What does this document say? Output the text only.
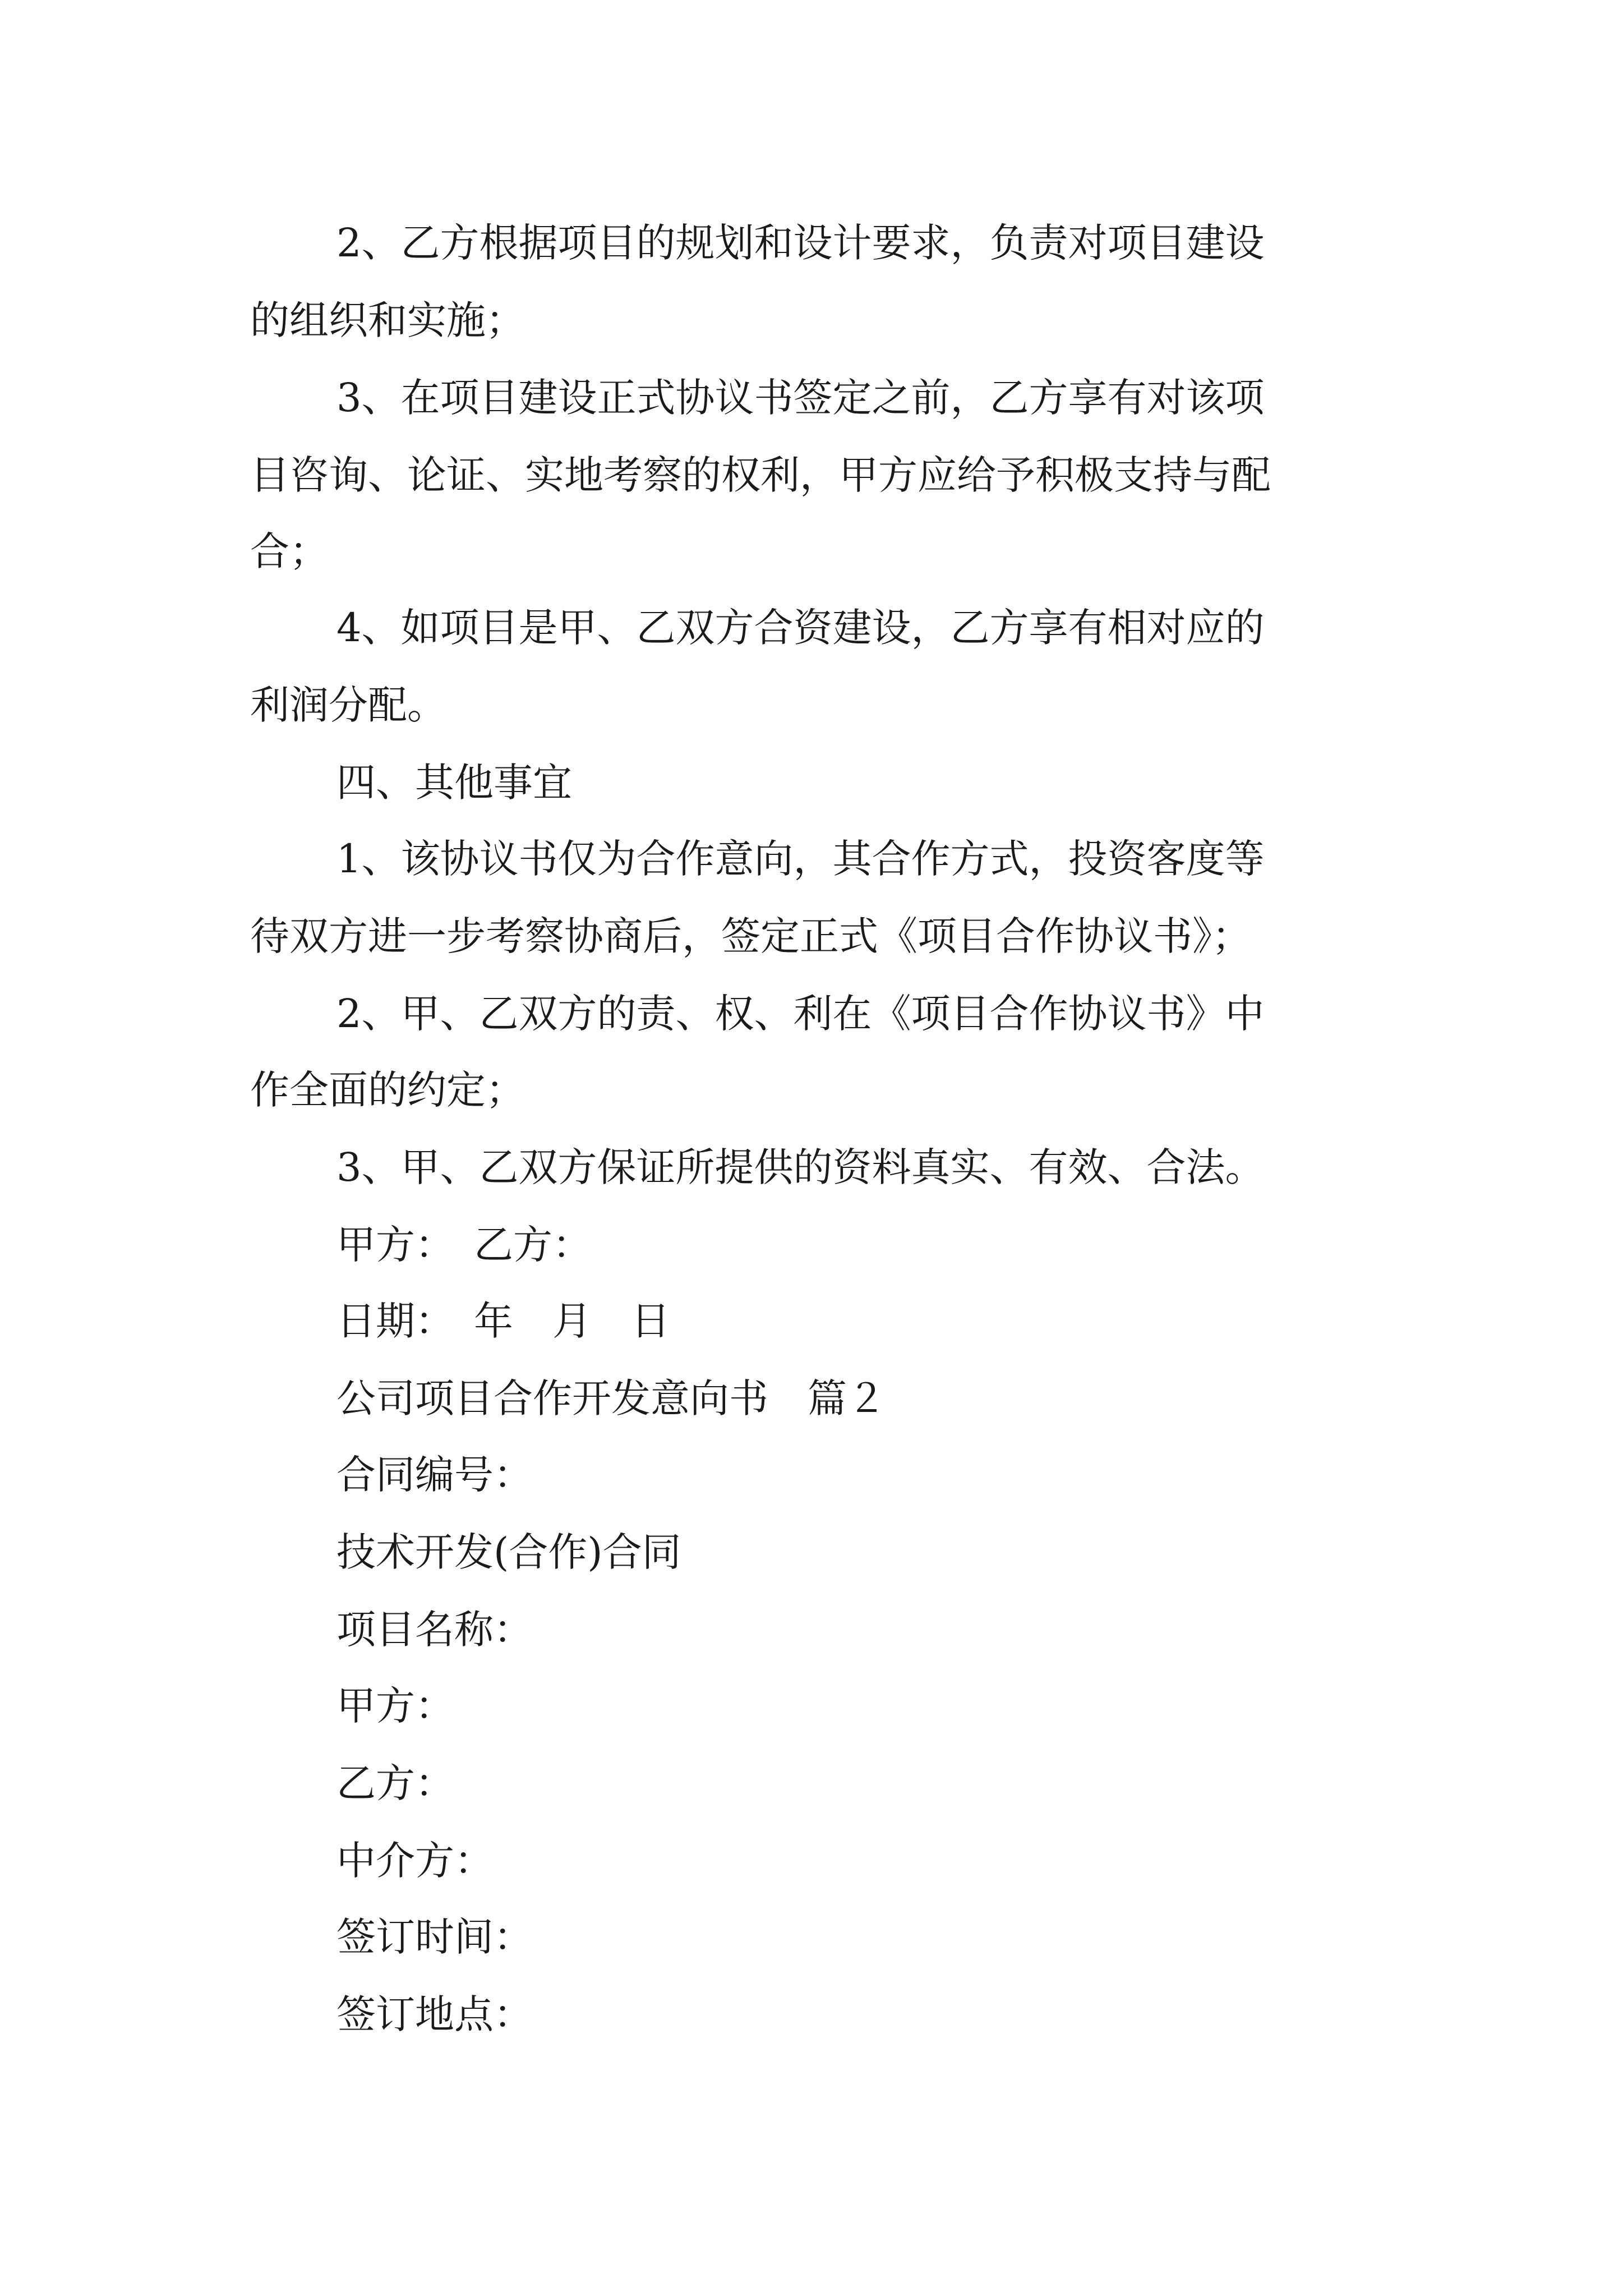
2、乙方根据项目的规划和设计要求，负责对项目建设
的组织和实施；
3、在项目建设正式协议书签定之前，乙方享有对该项
目咨询、论证、实地考察的权利，甲方应给予积极支持与配
合；
4、如项目是甲、乙双方合资建设，乙方享有相对应的
利润分配。
四、其他事宜
1、该协议书仅为合作意向，其合作方式，投资客度等
待双方进一步考察协商后，签定正式《项目合作协议书》；
2、甲、乙双方的责、权、利在《项目合作协议书》中
作全面的约定；
3、甲、乙双方保证所提供的资料真实、有效、合法。
甲方：　乙方：
日期：　年　月　日
公司项目合作开发意向书　篇２
合同编号：
技术开发(合作)合同
项目名称：
甲方：
乙方：
中介方：
签订时间：
签订地点：
